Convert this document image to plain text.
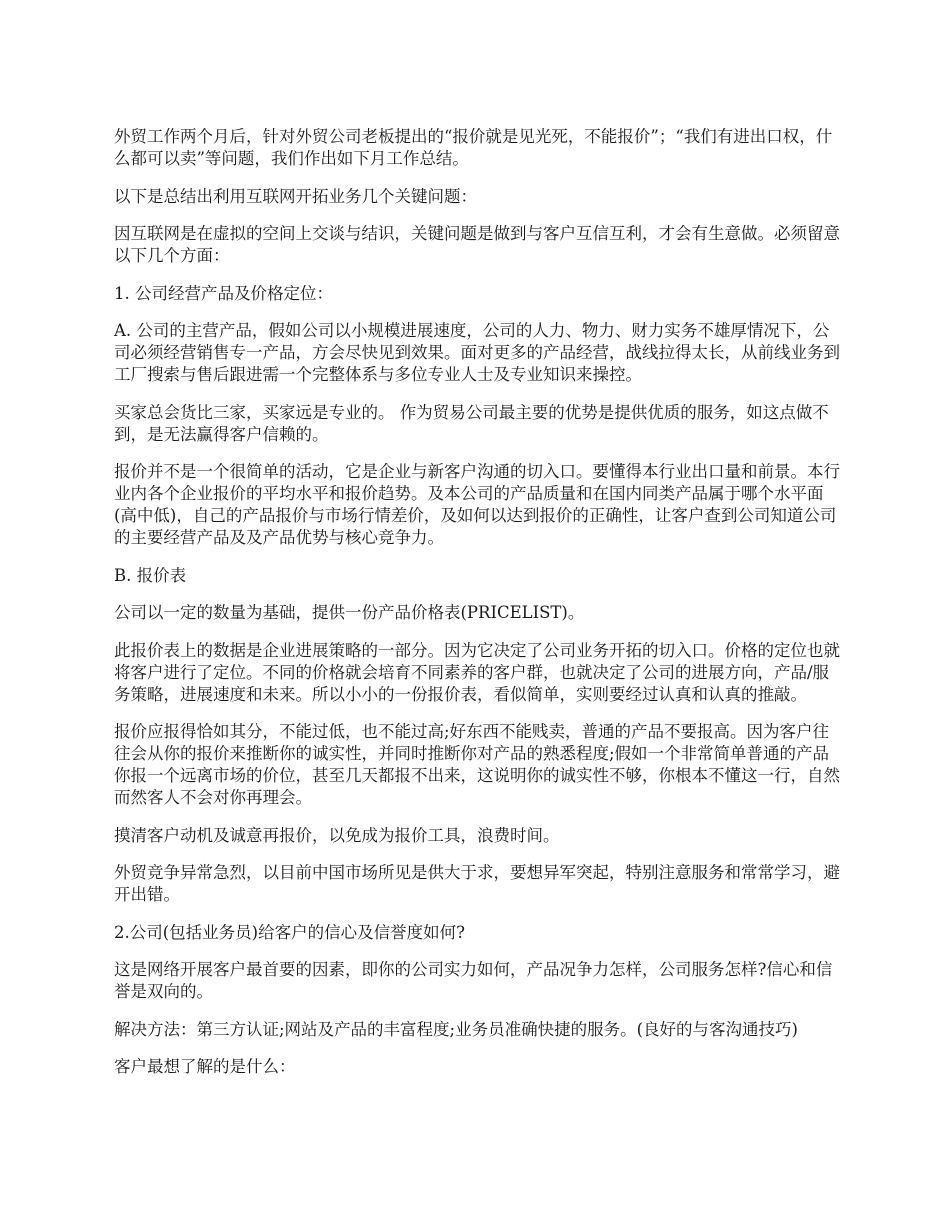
外贸工作两个月后，针对外贸公司老板提出的“报价就是见光死，不能报价”；“我们有进出口权，什么都可以卖”等问题，我们作出如下月工作总结。

以下是总结出利用互联网开拓业务几个关键问题：

因互联网是在虚拟的空间上交谈与结识，关键问题是做到与客户互信互利，才会有生意做。必须留意以下几个方面：

1. 公司经营产品及价格定位：

A. 公司的主营产品，假如公司以小规模进展速度，公司的人力、物力、财力实务不雄厚情况下，公司必须经营销售专一产品，方会尽快见到效果。面对更多的产品经营，战线拉得太长，从前线业务到工厂搜索与售后跟进需一个完整体系与多位专业人士及专业知识来操控。

买家总会货比三家，买家远是专业的。 作为贸易公司最主要的优势是提供优质的服务，如这点做不到，是无法赢得客户信赖的。

报价并不是一个很简单的活动，它是企业与新客户沟通的切入口。要懂得本行业出口量和前景。本行业内各个企业报价的平均水平和报价趋势。及本公司的产品质量和在国内同类产品属于哪个水平面(高中低)，自己的产品报价与市场行情差价，及如何以达到报价的正确性，让客户查到公司知道公司的主要经营产品及及产品优势与核心竞争力。

B. 报价表

公司以一定的数量为基础，提供一份产品价格表(PRICELIST)。

此报价表上的数据是企业进展策略的一部分。因为它决定了公司业务开拓的切入口。价格的定位也就将客户进行了定位。不同的价格就会培育不同素养的客户群，也就决定了公司的进展方向，产品/服务策略，进展速度和未来。所以小小的一份报价表，看似简单，实则要经过认真和认真的推敲。

报价应报得恰如其分，不能过低，也不能过高;好东西不能贱卖，普通的产品不要报高。因为客户往往会从你的报价来推断你的诚实性，并同时推断你对产品的熟悉程度;假如一个非常简单普通的产品你报一个远离市场的价位，甚至几天都报不出来，这说明你的诚实性不够，你根本不懂这一行，自然而然客人不会对你再理会。

摸清客户动机及诚意再报价，以免成为报价工具，浪费时间。

外贸竞争异常急烈，以目前中国市场所见是供大于求，要想异军突起，特别注意服务和常常学习，避开出错。

2.公司(包括业务员)给客户的信心及信誉度如何?

这是网络开展客户最首要的因素，即你的公司实力如何，产品况争力怎样，公司服务怎样?信心和信誉是双向的。

解决方法：第三方认证;网站及产品的丰富程度;业务员准确快捷的服务。(良好的与客沟通技巧)

客户最想了解的是什么：
